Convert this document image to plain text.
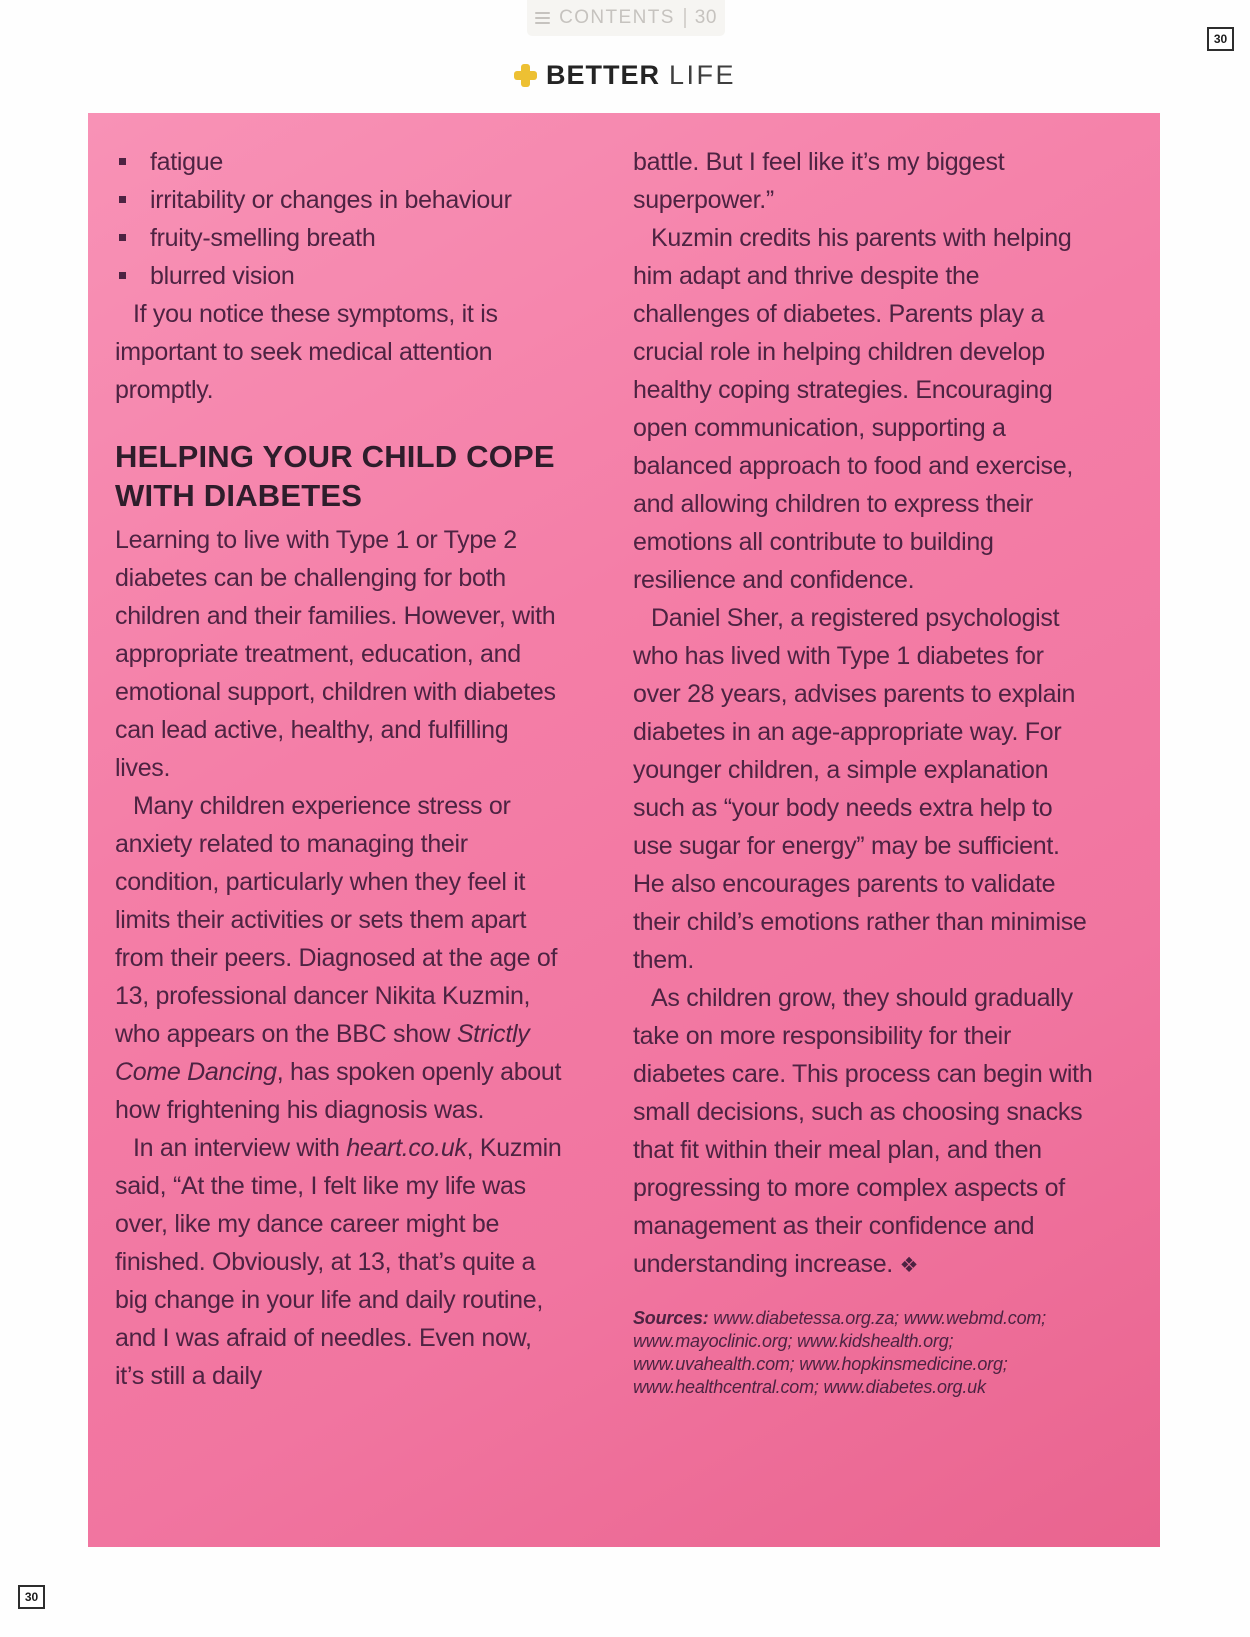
CONTENTS 30
30
30
BETTER LIFE
fatigue
irritability or changes in behaviour
fruity-smelling breath
blurred vision

If you notice these symptoms, it is important to seek medical attention promptly.

HELPING YOUR CHILD COPE WITH DIABETES

Learning to live with Type 1 or Type 2 diabetes can be challenging for both children and their families. However, with appropriate treatment, education, and emotional support, children with diabetes can lead active, healthy, and fulfilling lives.

Many children experience stress or anxiety related to managing their condition, particularly when they feel it limits their activities or sets them apart from their peers. Diagnosed at the age of 13, professional dancer Nikita Kuzmin, who appears on the BBC show Strictly Come Dancing, has spoken openly about how frightening his diagnosis was.

In an interview with heart.co.uk, Kuzmin said, “At the time, I felt like my life was over, like my dance career might be finished. Obviously, at 13, that’s quite a big change in your life and daily routine, and I was afraid of needles. Even now, it’s still a daily

battle. But I feel like it’s my biggest superpower.”

Kuzmin credits his parents with helping him adapt and thrive despite the challenges of diabetes. Parents play a crucial role in helping children develop healthy coping strategies. Encouraging open communication, supporting a balanced approach to food and exercise, and allowing children to express their emotions all contribute to building resilience and confidence.

Daniel Sher, a registered psychologist who has lived with Type 1 diabetes for over 28 years, advises parents to explain diabetes in an age-appropriate way. For younger children, a simple explanation such as “your body needs extra help to use sugar for energy” may be sufficient. He also encourages parents to validate their child’s emotions rather than minimise them.

As children grow, they should gradually take on more responsibility for their diabetes care. This process can begin with small decisions, such as choosing snacks that fit within their meal plan, and then progressing to more complex aspects of management as their confidence and understanding increase. ❖

Sources: www.diabetessa.org.za; www.webmd.com; www.mayoclinic.org; www.kidshealth.org; www.uvahealth.com; www.hopkinsmedicine.org; www.healthcentral.com; www.diabetes.org.uk
